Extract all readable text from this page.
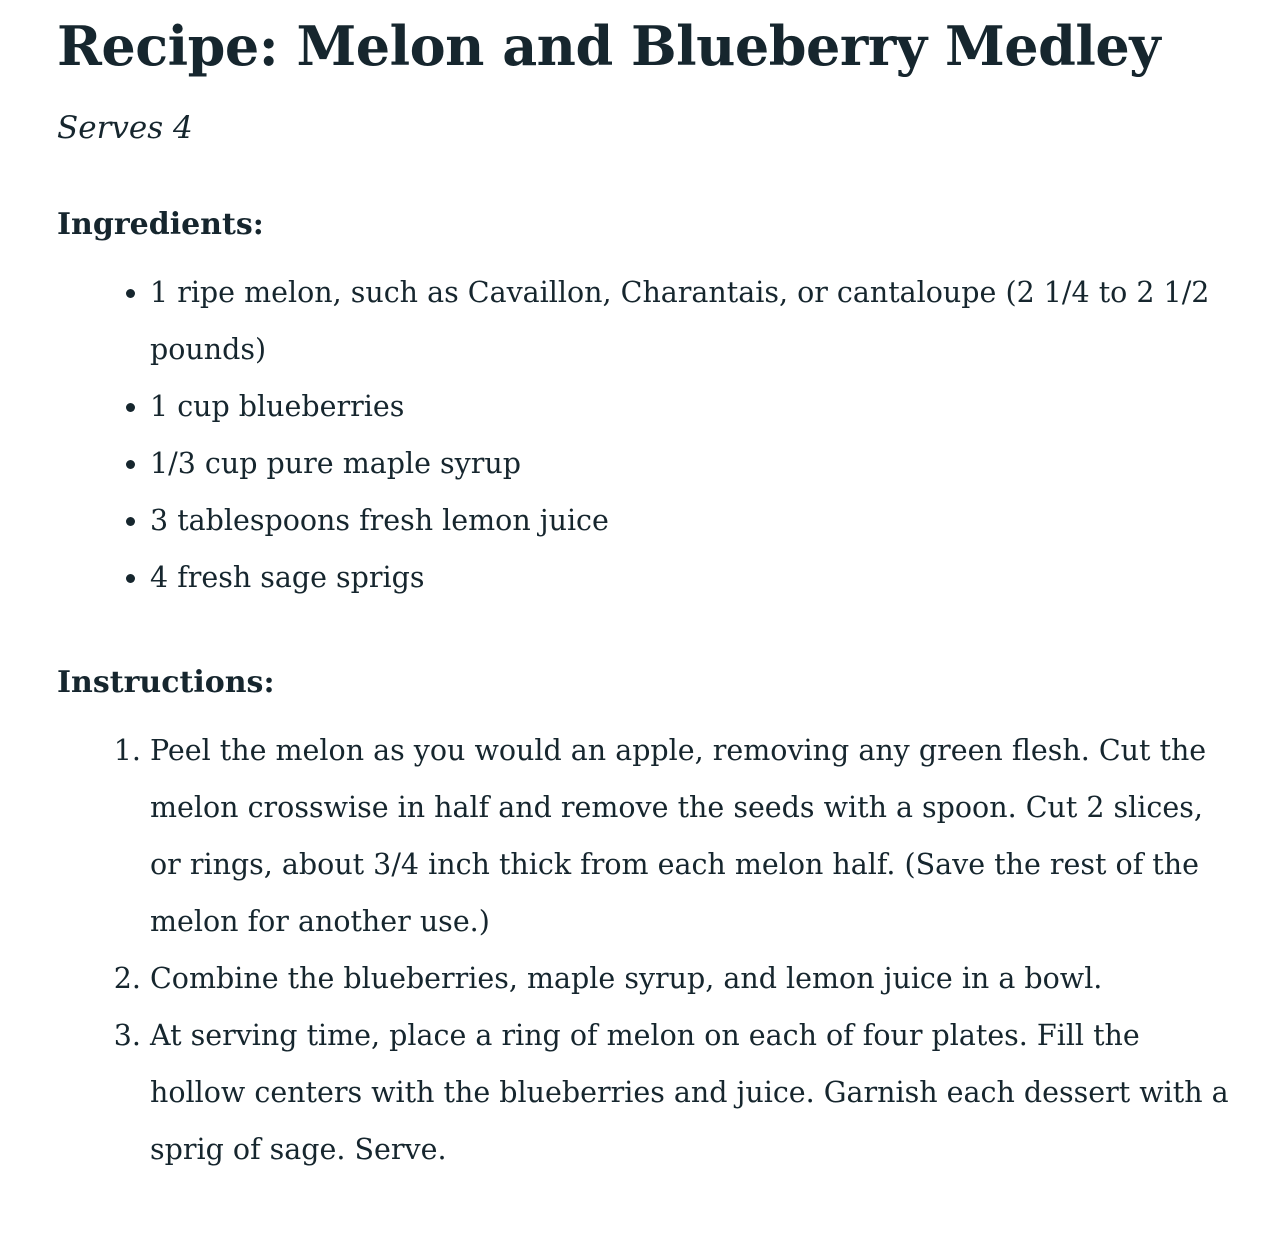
Recipe: Melon and Blueberry Medley

Serves 4

Ingredients:
• 1 ripe melon, such as Cavaillon, Charantais, or cantaloupe (2 1/4 to 2 1/2 pounds)
• 1 cup blueberries
• 1/3 cup pure maple syrup
• 3 tablespoons fresh lemon juice
• 4 fresh sage sprigs
Instructions:
1. Peel the melon as you would an apple, removing any green flesh. Cut the melon crosswise in half and remove the seeds with a spoon. Cut 2 slices, or rings, about 3/4 inch thick from each melon half. (Save the rest of the melon for another use.)
2. Combine the blueberries, maple syrup, and lemon juice in a bowl.
3. At serving time, place a ring of melon on each of four plates. Fill the hollow centers with the blueberries and juice. Garnish each dessert with a sprig of sage. Serve.
